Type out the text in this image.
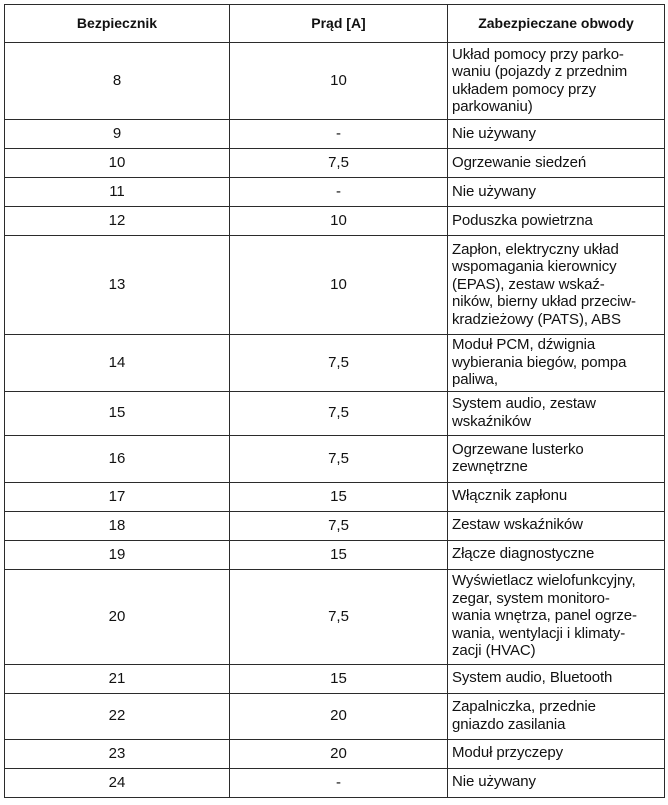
Bezpiecznik	Prąd [A]	Zabezpieczane obwody
8	10	Układ pomocy przy parko-
waniu (pojazdy z przednim
układem pomocy przy
parkowaniu)
9	-	Nie używany
10	7,5	Ogrzewanie siedzeń
11	-	Nie używany
12	10	Poduszka powietrzna
13	10	Zapłon, elektryczny układ
wspomagania kierownicy
(EPAS), zestaw wskaź-
ników, bierny układ przeciw-
kradzieżowy (PATS), ABS
14	7,5	Moduł PCM, dźwignia
wybierania biegów, pompa
paliwa,
15	7,5	System audio, zestaw
wskaźników
16	7,5	Ogrzewane lusterko
zewnętrzne
17	15	Włącznik zapłonu
18	7,5	Zestaw wskaźników
19	15	Złącze diagnostyczne
20	7,5	Wyświetlacz wielofunkcyjny,
zegar, system monitoro-
wania wnętrza, panel ogrze-
wania, wentylacji i klimaty-
zacji (HVAC)
21	15	System audio, Bluetooth
22	20	Zapalniczka, przednie
gniazdo zasilania
23	20	Moduł przyczepy
24	-	Nie używany
